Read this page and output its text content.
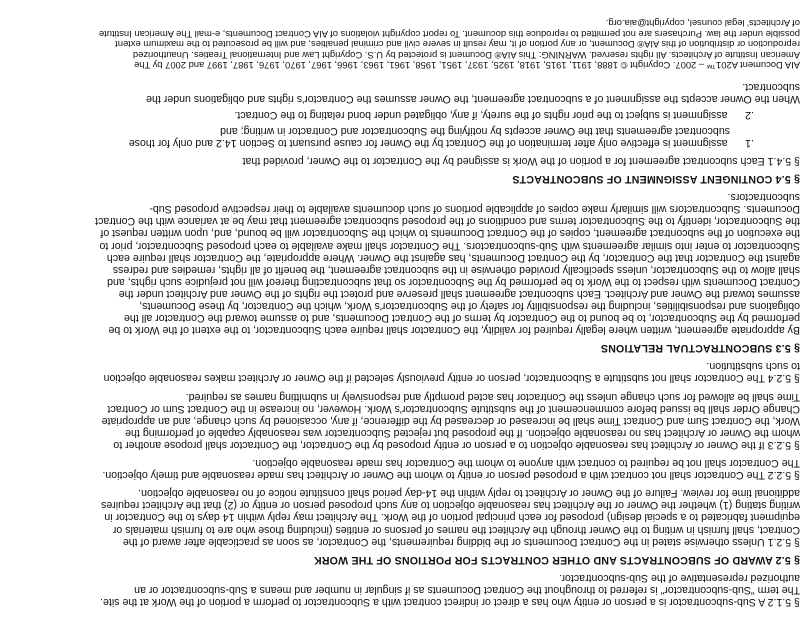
§ 5.1.2 A Sub-subcontractor is a person or entity who has a direct or indirect contract with a Subcontractor to perform a portion of the Work at the site. The term "Sub-subcontractor" is referred to throughout the Contract Documents as if singular in number and means a Sub-subcontractor or an authorized representative of the Sub-subcontractor.

§ 5.2 AWARD OF SUBCONTRACTS AND OTHER CONTRACTS FOR PORTIONS OF THE WORK

§ 5.2.1 Unless otherwise stated in the Contract Documents or the bidding requirements, the Contractor, as soon as practicable after award of the Contract, shall furnish in writing to the Owner through the Architect the names of persons or entities (including those who are to furnish materials or equipment fabricated to a special design) proposed for each principal portion of the Work. The Architect may reply within 14 days to the Contractor in writing stating (1) whether the Owner or the Architect has reasonable objection to any such proposed person or entity or (2) that the Architect requires additional time for review. Failure of the Owner or Architect to reply within the 14-day period shall constitute notice of no reasonable objection.

§ 5.2.2 The Contractor shall not contract with a proposed person or entity to whom the Owner or Architect has made reasonable and timely objection. The Contractor shall not be required to contract with anyone to whom the Contractor has made reasonable objection.

§ 5.2.3 If the Owner or Architect has reasonable objection to a person or entity proposed by the Contractor, the Contractor shall propose another to whom the Owner or Architect has no reasonable objection. If the proposed but rejected Subcontractor was reasonably capable of performing the Work, the Contract Sum and Contract Time shall be increased or decreased by the difference, if any, occasioned by such change, and an appropriate Change Order shall be issued before commencement of the substitute Subcontractor's Work. However, no increase in the Contract Sum or Contract Time shall be allowed for such change unless the Contractor has acted promptly and responsively in submitting names as required.

§ 5.2.4 The Contractor shall not substitute a Subcontractor, person or entity previously selected if the Owner or Architect makes reasonable objection to such substitution.

§ 5.3 SUBCONTRACTUAL RELATIONS

By appropriate agreement, written where legally required for validity, the Contractor shall require each Subcontractor, to the extent of the Work to be performed by the Subcontractor, to be bound to the Contractor by terms of the Contract Documents, and to assume toward the Contractor all the obligations and responsibilities, including the responsibility for safety of the Subcontractor's Work, which the Contractor, by these Documents, assumes toward the Owner and Architect. Each subcontract agreement shall preserve and protect the rights of the Owner and Architect under the Contract Documents with respect to the Work to be performed by the Subcontractor so that subcontracting thereof will not prejudice such rights, and shall allow to the Subcontractor, unless specifically provided otherwise in the subcontract agreement, the benefit of all rights, remedies and redress against the Contractor that the Contractor, by the Contract Documents, has against the Owner. Where appropriate, the Contractor shall require each Subcontractor to enter into similar agreements with Sub-subcontractors. The Contractor shall make available to each proposed Subcontractor, prior to the execution of the subcontract agreement, copies of the Contract Documents to which the Subcontractor will be bound, and, upon written request of the Subcontractor, identify to the Subcontractor terms and conditions of the proposed subcontract agreement that may be at variance with the Contract Documents. Subcontractors will similarly make copies of applicable portions of such documents available to their respective proposed Sub-subcontractors.

§ 5.4 CONTINGENT ASSIGNMENT OF SUBCONTRACTS

§ 5.4.1 Each subcontract agreement for a portion of the Work is assigned by the Contractor to the Owner, provided that

.1      assignment is effective only after termination of the Contract by the Owner for cause pursuant to Section 14.2 and only for those subcontract agreements that the Owner accepts by notifying the Subcontractor and Contractor in writing; and

.2      assignment is subject to the prior rights of the surety, if any, obligated under bond relating to the Contract.

When the Owner accepts the assignment of a subcontract agreement, the Owner assumes the Contractor's rights and obligations under the subcontract.

AIA Document A201™ – 2007. Copyright © 1888, 1911, 1915, 1918, 1925, 1937, 1951, 1958, 1961, 1963, 1966, 1967, 1970, 1976, 1987, 1997 and 2007 by The American Institute of Architects. All rights reserved. WARNING: This AIA® Document is protected by U.S. Copyright Law and International Treaties. Unauthorized reproduction or distribution of this AIA® Document, or any portion of it, may result in severe civil and criminal penalties, and will be prosecuted to the maximum extent possible under the law. Purchasers are not permitted to reproduce this document. To report copyright violations of AIA Contract Documents, e-mail The American Institute of Architects' legal counsel, copyright@aia.org.
